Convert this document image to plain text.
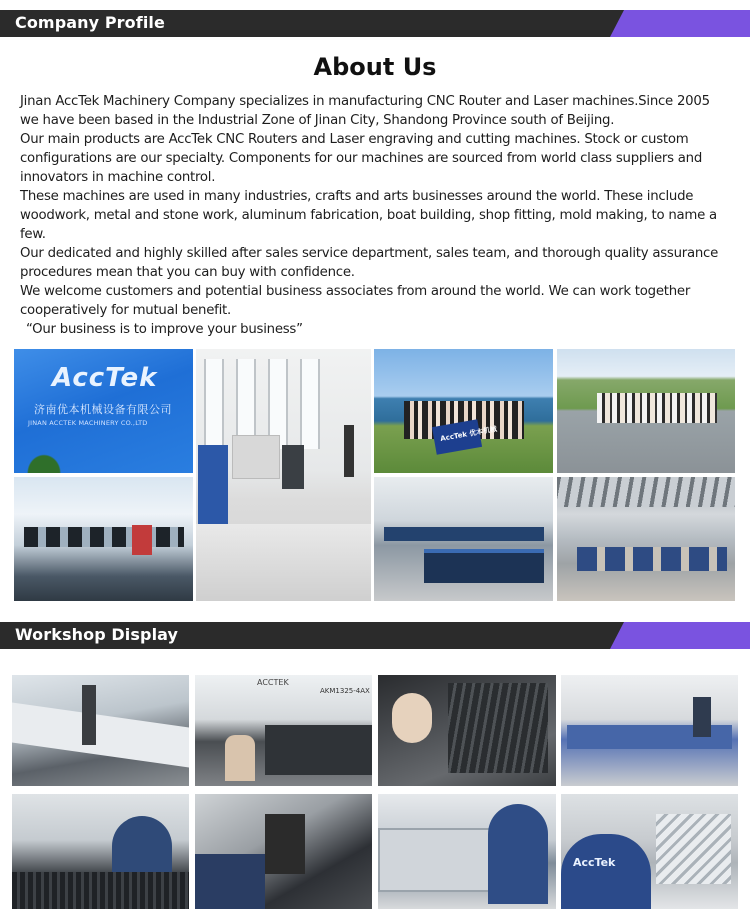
Company Profile
About Us

Jinan AccTek Machinery Company specializes in manufacturing CNC Router and Laser machines.Since 2005 we have been based in the Industrial Zone of Jinan City, Shandong Province south of Beijing.

Our main products are AccTek CNC Routers and Laser engraving and cutting machines. Stock or custom configurations are our specialty. Components for our machines are sourced from world class suppliers and innovators in machine control.

These machines are used in many industries, crafts and arts businesses around the world. These include woodwork, metal and stone work, aluminum fabrication, boat building, shop fitting, mold making, to name a few.

Our dedicated and highly skilled after sales service department, sales team, and thorough quality assurance procedures mean that you can buy with confidence.

We welcome customers and potential business associates from around the world. We can work together cooperatively for mutual benefit.

“Our business is to improve your business”

AccTek
济南优本机械设备有限公司
JINAN ACCTEK MACHINERY CO.,LTD
AccTek 优本机械
Workshop Display
ACCTEK
AKM1325-4AX
AccTek
